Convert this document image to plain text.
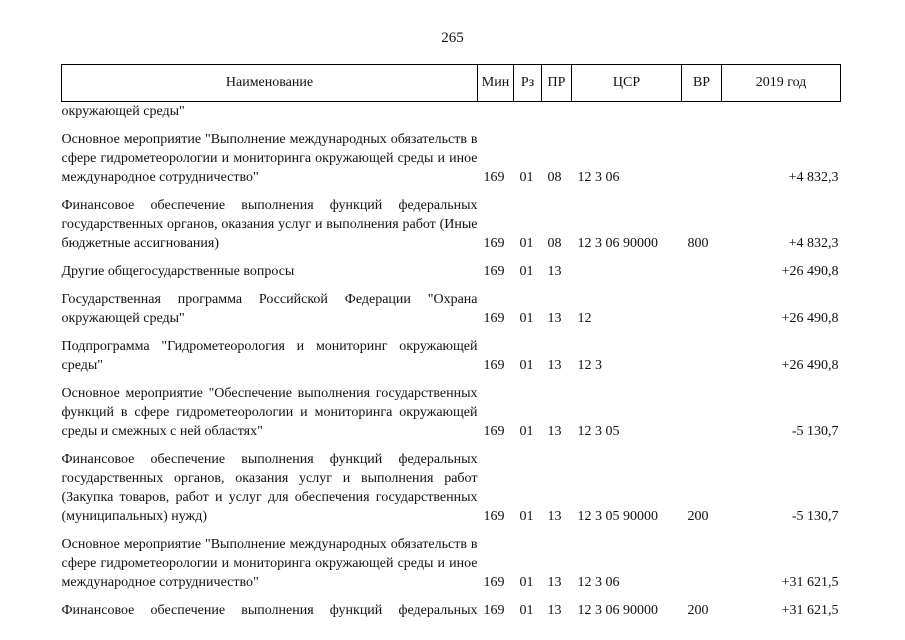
265
Наименование	Мин	Рз	ПР	ЦСР	ВР	2019 год
окружающей среды"						
Основное мероприятие "Выполнение международных обязательств в сфере гидрометеорологии и мониторинга окружающей среды и иное международное сотрудничество"	169	01	08	12 3 06		+4 832,3
Финансовое обеспечение выполнения функций федеральных государственных органов, оказания услуг и выполнения работ (Иные бюджетные ассигнования)	169	01	08	12 3 06 90000	800	+4 832,3
Другие общегосударственные вопросы	169	01	13			+26 490,8
Государственная программа Российской Федерации "Охрана окружающей среды"	169	01	13	12		+26 490,8
Подпрограмма "Гидрометеорология и мониторинг окружающей среды"	169	01	13	12 3		+26 490,8
Основное мероприятие "Обеспечение выполнения государственных функций в сфере гидрометеорологии и мониторинга окружающей среды и смежных с ней областях"	169	01	13	12 3 05		-5 130,7
Финансовое обеспечение выполнения функций федеральных государственных органов, оказания услуг и выполнения работ (Закупка товаров, работ и услуг для обеспечения государственных (муниципальных) нужд)	169	01	13	12 3 05 90000	200	-5 130,7
Основное мероприятие "Выполнение международных обязательств в сфере гидрометеорологии и мониторинга окружающей среды и иное международное сотрудничество"	169	01	13	12 3 06		+31 621,5
Финансовое обеспечение выполнения функций федеральных	169	01	13	12 3 06 90000	200	+31 621,5
